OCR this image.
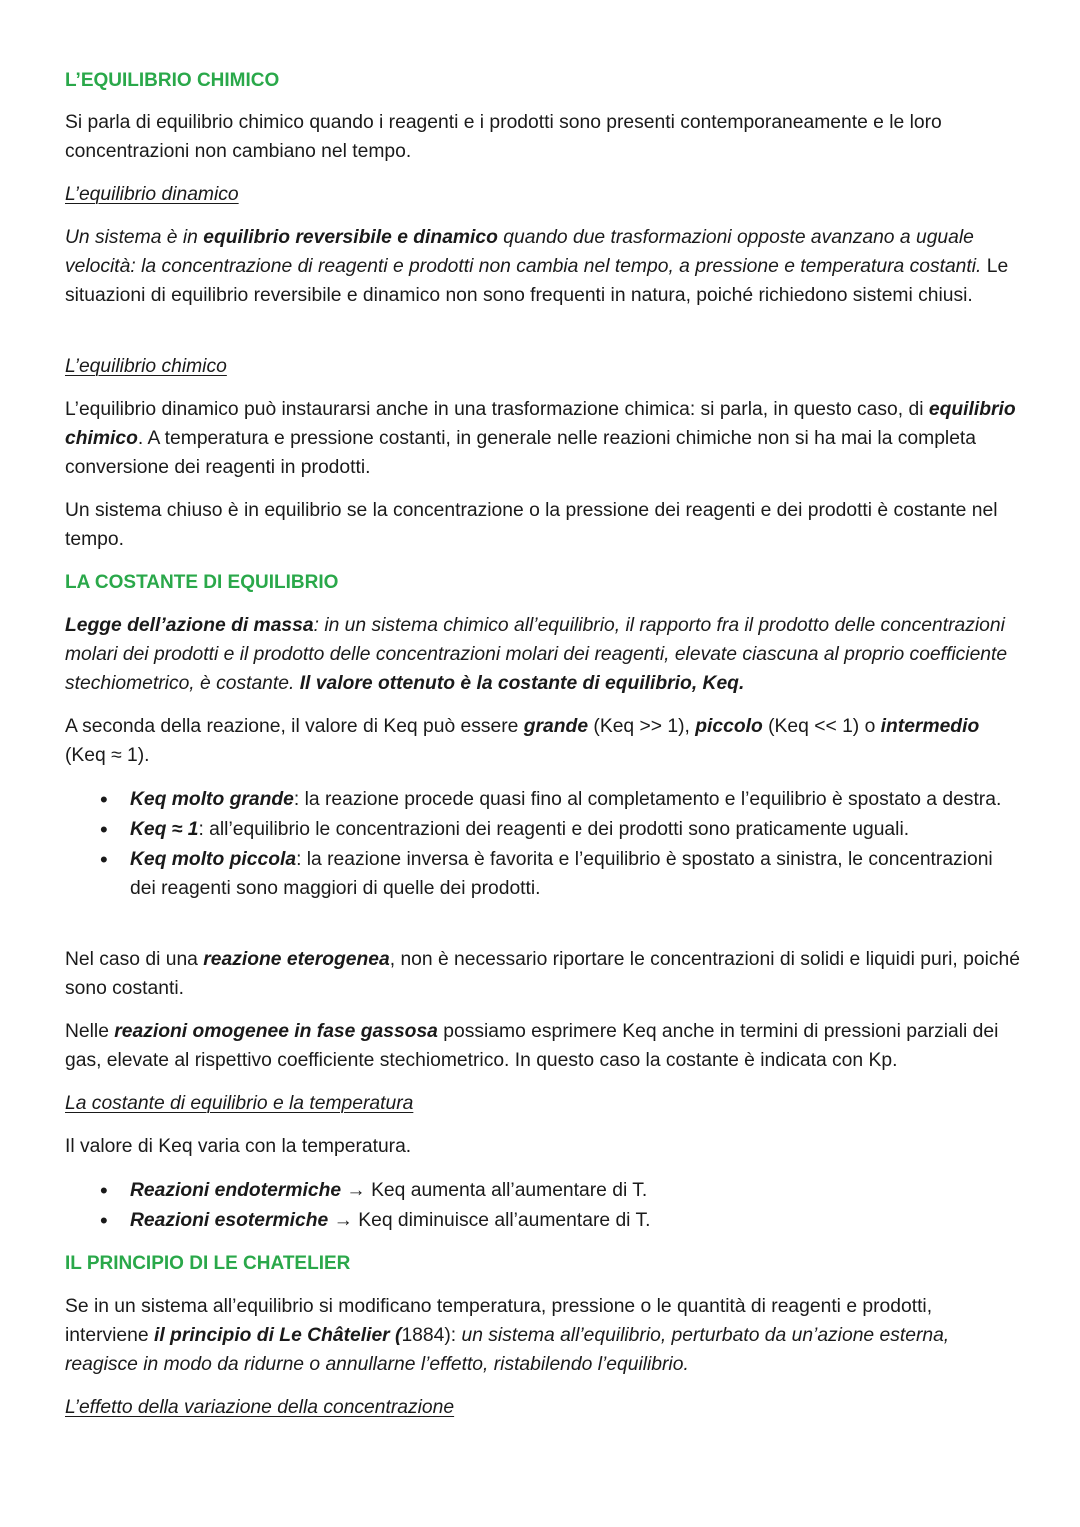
L’EQUILIBRIO CHIMICO

Si parla di equilibrio chimico quando i reagenti e i prodotti sono presenti contemporaneamente e le loro concentrazioni non cambiano nel tempo.

L’equilibrio dinamico

Un sistema è in equilibrio reversibile e dinamico quando due trasformazioni opposte avanzano a uguale velocità: la concentrazione di reagenti e prodotti non cambia nel tempo, a pressione e temperatura costanti. Le situazioni di equilibrio reversibile e dinamico non sono frequenti in natura, poiché richiedono sistemi chiusi.

L’equilibrio chimico

L’equilibrio dinamico può instaurarsi anche in una trasformazione chimica: si parla, in questo caso, di equilibrio chimico. A temperatura e pressione costanti, in generale nelle reazioni chimiche non si ha mai la completa conversione dei reagenti in prodotti.

Un sistema chiuso è in equilibrio se la concentrazione o la pressione dei reagenti e dei prodotti è costante nel tempo.

LA COSTANTE DI EQUILIBRIO

Legge dell’azione di massa: in un sistema chimico all’equilibrio, il rapporto fra il prodotto delle concentrazioni molari dei prodotti e il prodotto delle concentrazioni molari dei reagenti, elevate ciascuna al proprio coefficiente stechiometrico, è costante. Il valore ottenuto è la costante di equilibrio, Keq.

A seconda della reazione, il valore di Keq può essere grande (Keq >> 1), piccolo (Keq << 1) o intermedio (Keq ≈ 1).

• Keq molto grande: la reazione procede quasi fino al completamento e l’equilibrio è spostato a destra.
• Keq ≈ 1: all’equilibrio le concentrazioni dei reagenti e dei prodotti sono praticamente uguali.
• Keq molto piccola: la reazione inversa è favorita e l’equilibrio è spostato a sinistra, le concentrazioni dei reagenti sono maggiori di quelle dei prodotti.

Nel caso di una reazione eterogenea, non è necessario riportare le concentrazioni di solidi e liquidi puri, poiché sono costanti.

Nelle reazioni omogenee in fase gassosa possiamo esprimere Keq anche in termini di pressioni parziali dei gas, elevate al rispettivo coefficiente stechiometrico. In questo caso la costante è indicata con Kp.

La costante di equilibrio e la temperatura

Il valore di Keq varia con la temperatura.

• Reazioni endotermiche → Keq aumenta all’aumentare di T.
• Reazioni esotermiche → Keq diminuisce all’aumentare di T.
IL PRINCIPIO DI LE CHATELIER

Se in un sistema all’equilibrio si modificano temperatura, pressione o le quantità di reagenti e prodotti, interviene il principio di Le Châtelier (1884): un sistema all’equilibrio, perturbato da un’azione esterna, reagisce in modo da ridurne o annullarne l’effetto, ristabilendo l’equilibrio.

L’effetto della variazione della concentrazione
